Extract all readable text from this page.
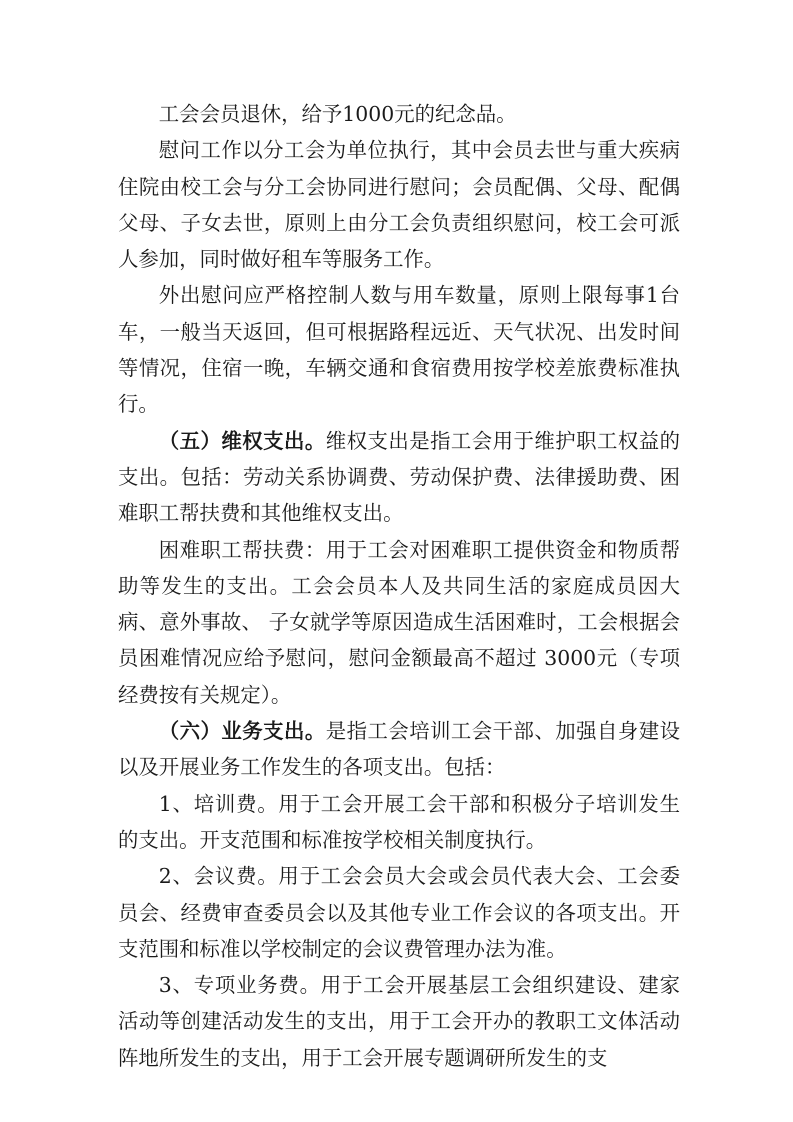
工会会员退休，给予1000元的纪念品。

慰问工作以分工会为单位执行，其中会员去世与重大疾病住院由校工会与分工会协同进行慰问；会员配偶、父母、配偶父母、子女去世，原则上由分工会负责组织慰问，校工会可派人参加，同时做好租车等服务工作。

外出慰问应严格控制人数与用车数量，原则上限每事1台车，一般当天返回，但可根据路程远近、天气状况、出发时间等情况，住宿一晚，车辆交通和食宿费用按学校差旅费标准执行。

（五）维权支出。维权支出是指工会用于维护职工权益的支出。包括：劳动关系协调费、劳动保护费、法律援助费、困难职工帮扶费和其他维权支出。

困难职工帮扶费：用于工会对困难职工提供资金和物质帮助等发生的支出。工会会员本人及共同生活的家庭成员因大病、意外事故、 子女就学等原因造成生活困难时，工会根据会员困难情况应给予慰问，慰问金额最高不超过 3000元（专项经费按有关规定）。

（六）业务支出。是指工会培训工会干部、加强自身建设以及开展业务工作发生的各项支出。包括：

1、培训费。用于工会开展工会干部和积极分子培训发生的支出。开支范围和标准按学校相关制度执行。

2、会议费。用于工会会员大会或会员代表大会、工会委员会、经费审查委员会以及其他专业工作会议的各项支出。开支范围和标准以学校制定的会议费管理办法为准。

3、专项业务费。用于工会开展基层工会组织建设、建家活动等创建活动发生的支出，用于工会开办的教职工文体活动阵地所发生的支出，用于工会开展专题调研所发生的支
